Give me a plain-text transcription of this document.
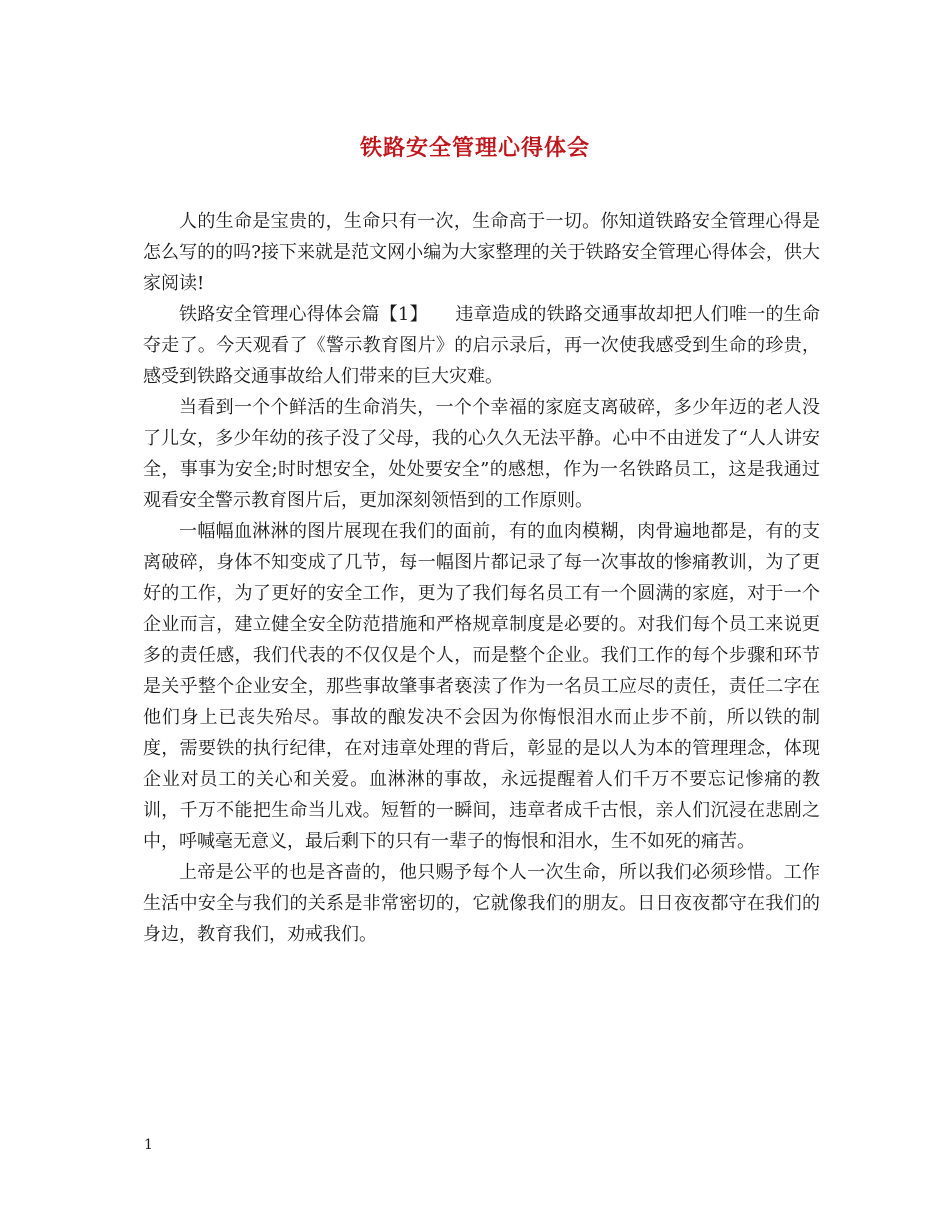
铁路安全管理心得体会

人的生命是宝贵的，生命只有一次，生命高于一切。你知道铁路安全管理心得是怎么写的的吗?接下来就是范文网小编为大家整理的关于铁路安全管理心得体会，供大家阅读!

铁路安全管理心得体会篇【1】　　违章造成的铁路交通事故却把人们唯一的生命夺走了。今天观看了《警示教育图片》的启示录后，再一次使我感受到生命的珍贵，感受到铁路交通事故给人们带来的巨大灾难。

当看到一个个鲜活的生命消失，一个个幸福的家庭支离破碎，多少年迈的老人没了儿女，多少年幼的孩子没了父母，我的心久久无法平静。心中不由迸发了“人人讲安全，事事为安全;时时想安全，处处要安全”的感想，作为一名铁路员工，这是我通过观看安全警示教育图片后，更加深刻领悟到的工作原则。

一幅幅血淋淋的图片展现在我们的面前，有的血肉模糊，肉骨遍地都是，有的支离破碎，身体不知变成了几节，每一幅图片都记录了每一次事故的惨痛教训，为了更好的工作，为了更好的安全工作，更为了我们每名员工有一个圆满的家庭，对于一个企业而言，建立健全安全防范措施和严格规章制度是必要的。对我们每个员工来说更多的责任感，我们代表的不仅仅是个人，而是整个企业。我们工作的每个步骤和环节是关乎整个企业安全，那些事故肇事者亵渎了作为一名员工应尽的责任，责任二字在他们身上已丧失殆尽。事故的酿发决不会因为你悔恨泪水而止步不前，所以铁的制度，需要铁的执行纪律，在对违章处理的背后，彰显的是以人为本的管理理念，体现企业对员工的关心和关爱。血淋淋的事故，永远提醒着人们千万不要忘记惨痛的教训，千万不能把生命当儿戏。短暂的一瞬间，违章者成千古恨，亲人们沉浸在悲剧之中，呼喊毫无意义，最后剩下的只有一辈子的悔恨和泪水，生不如死的痛苦。

上帝是公平的也是吝啬的，他只赐予每个人一次生命，所以我们必须珍惜。工作生活中安全与我们的关系是非常密切的，它就像我们的朋友。日日夜夜都守在我们的身边，教育我们，劝戒我们。

1
